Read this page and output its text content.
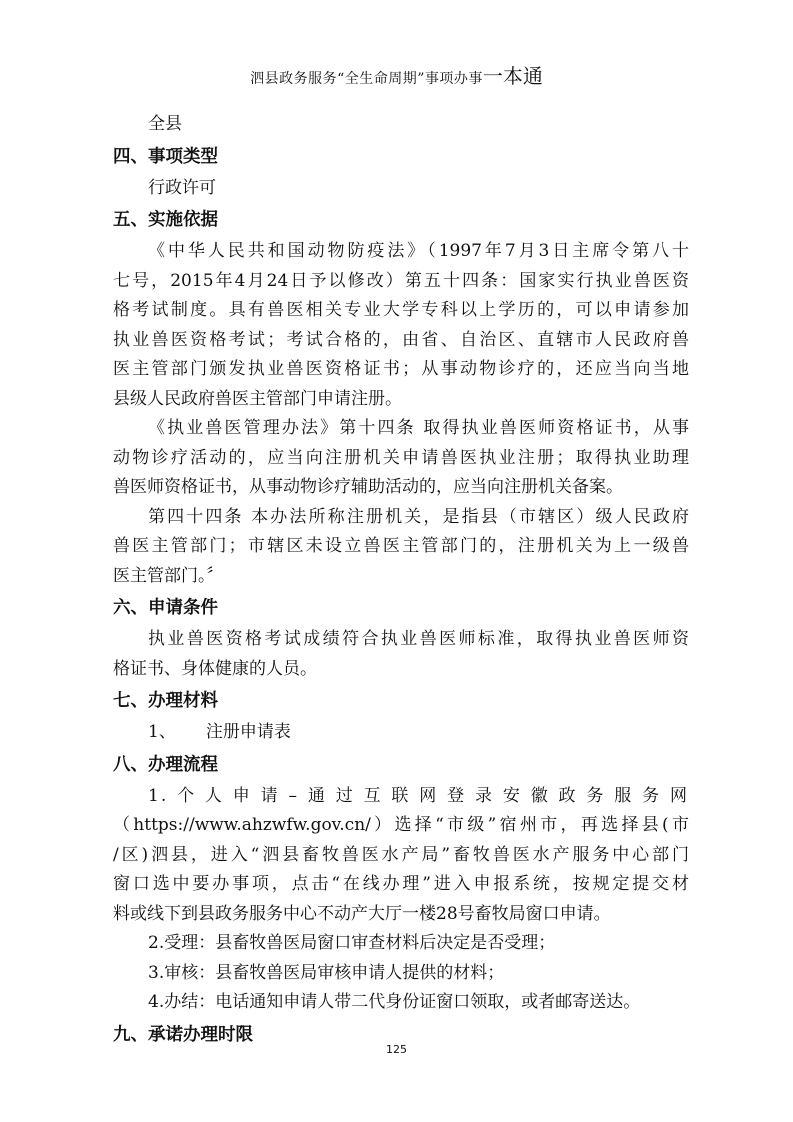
泗县政务服务“全生命周期”事项办事一本通
全县
四、事项类型
行政许可
五、实施依据
《中华人民共和国动物防疫法》（1997年7月3日主席令第八十
七号，2015年4月24日予以修改）第五十四条：国家实行执业兽医资
格考试制度。具有兽医相关专业大学专科以上学历的，可以申请参加
执业兽医资格考试；考试合格的，由省、自治区、直辖市人民政府兽
医主管部门颁发执业兽医资格证书；从事动物诊疗的，还应当向当地
县级人民政府兽医主管部门申请注册。
《执业兽医管理办法》第十四条 取得执业兽医师资格证书，从事
动物诊疗活动的，应当向注册机关申请兽医执业注册；取得执业助理
兽医师资格证书，从事动物诊疗辅助活动的，应当向注册机关备案。
第四十四条 本办法所称注册机关，是指县（市辖区）级人民政府
兽医主管部门；市辖区未设立兽医主管部门的，注册机关为上一级兽
医主管部门。〞
六、申请条件
执业兽医资格考试成绩符合执业兽医师标准，取得执业兽医师资
格证书、身体健康的人员。
七、办理材料
1、 注册申请表
八、办理流程
1.个人申请–通过互联网登录安徽政务服务网
（https://www.ahzwfw.gov.cn/）选择“市级”宿州市，再选择县(市
/区)泗县，进入“泗县畜牧兽医水产局”畜牧兽医水产服务中心部门
窗口选中要办事项，点击“在线办理”进入申报系统，按规定提交材
料或线下到县政务服务中心不动产大厅一楼28号畜牧局窗口申请。
2.受理：县畜牧兽医局窗口审查材料后决定是否受理；
3.审核：县畜牧兽医局审核申请人提供的材料；
4.办结：电话通知申请人带二代身份证窗口领取，或者邮寄送达。
九、承诺办理时限
125
